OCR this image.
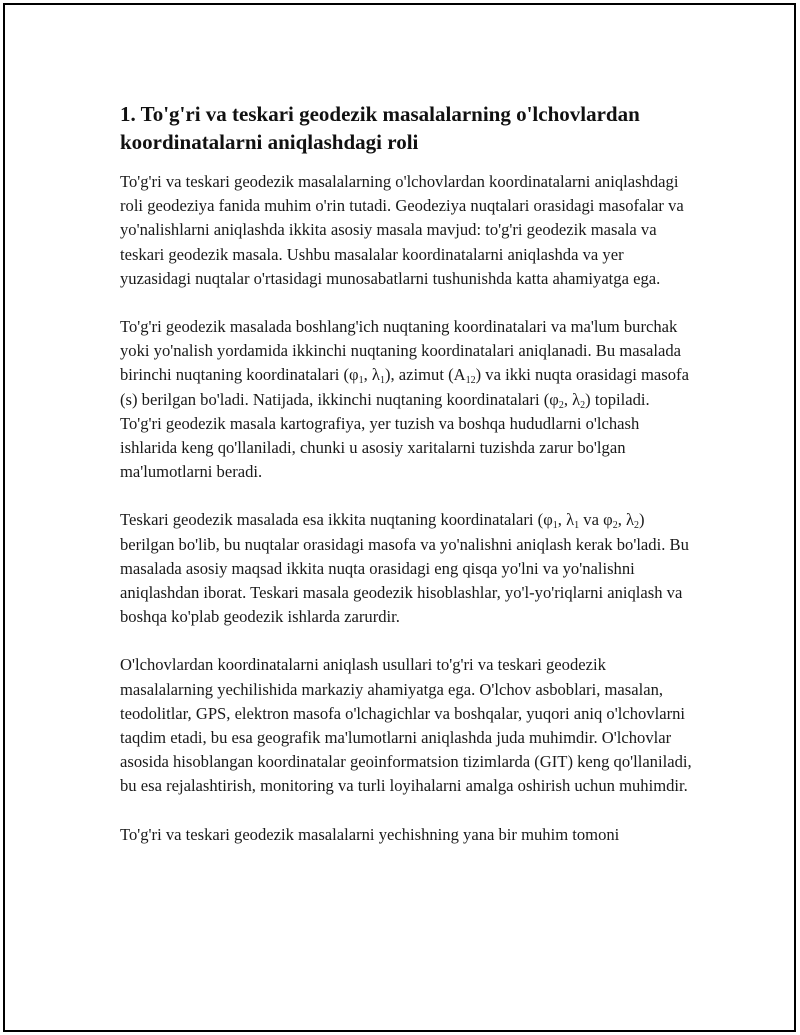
1. To'g'ri va teskari geodezik masalalarning o'lchovlardan koordinatalarni aniqlashdagi roli

To'g'ri va teskari geodezik masalalarning o'lchovlardan koordinatalarni aniqlashdagi roli geodeziya fanida muhim o'rin tutadi. Geodeziya nuqtalari orasidagi masofalar va yo'nalishlarni aniqlashda ikkita asosiy masala mavjud: to'g'ri geodezik masala va teskari geodezik masala. Ushbu masalalar koordinatalarni aniqlashda va yer yuzasidagi nuqtalar o'rtasidagi munosabatlarni tushunishda katta ahamiyatga ega.

To'g'ri geodezik masalada boshlang'ich nuqtaning koordinatalari va ma'lum burchak yoki yo'nalish yordamida ikkinchi nuqtaning koordinatalari aniqlanadi. Bu masalada birinchi nuqtaning koordinatalari ($\varphi_1$, $\lambda_1$), azimut $(A_{12})$ va ikki nuqta orasidagi masofa (s) berilgan bo'ladi. Natijada, ikkinchi nuqtaning koordinatalari ($\varphi_2$, $\lambda_2$) topiladi. To'g'ri geodezik masala kartografiya, yer tuzish va boshqa hududlarni o'lchash ishlarida keng qo'llaniladi, chunki u asosiy xaritalarni tuzishda zarur bo'lgan ma'lumotlarni beradi.

Teskari geodezik masalada esa ikkita nuqtaning koordinatalari ($\varphi_1$, $\lambda_1$ va $\varphi_2$, $\lambda_2$) berilgan bo'lib, bu nuqtalar orasidagi masofa va yo'nalishni aniqlash kerak bo'ladi. Bu masalada asosiy maqsad ikkita nuqta orasidagi eng qisqa yo'lni va yo'nalishni aniqlashdan iborat. Teskari masala geodezik hisoblashlar, yo'l-yo'riqlarni aniqlash va boshqa ko'plab geodezik ishlarda zarurdir.

O'lchovlardan koordinatalarni aniqlash usullari to'g'ri va teskari geodezik masalalarning yechilishida markaziy ahamiyatga ega. O'lchov asboblari, masalan, teodolitlar, GPS, elektron masofa o'lchagichlar va boshqalar, yuqori aniq o'lchovlarni taqdim etadi, bu esa geografik ma'lumotlarni aniqlashda juda muhimdir. O'lchovlar asosida hisoblangan koordinatalar geoinformatsion tizimlarda (GIT) keng qo'llaniladi, bu esa rejalashtirish, monitoring va turli loyihalarni amalga oshirish uchun muhimdir.

To'g'ri va teskari geodezik masalalarni yechishning yana bir muhim tomoni
